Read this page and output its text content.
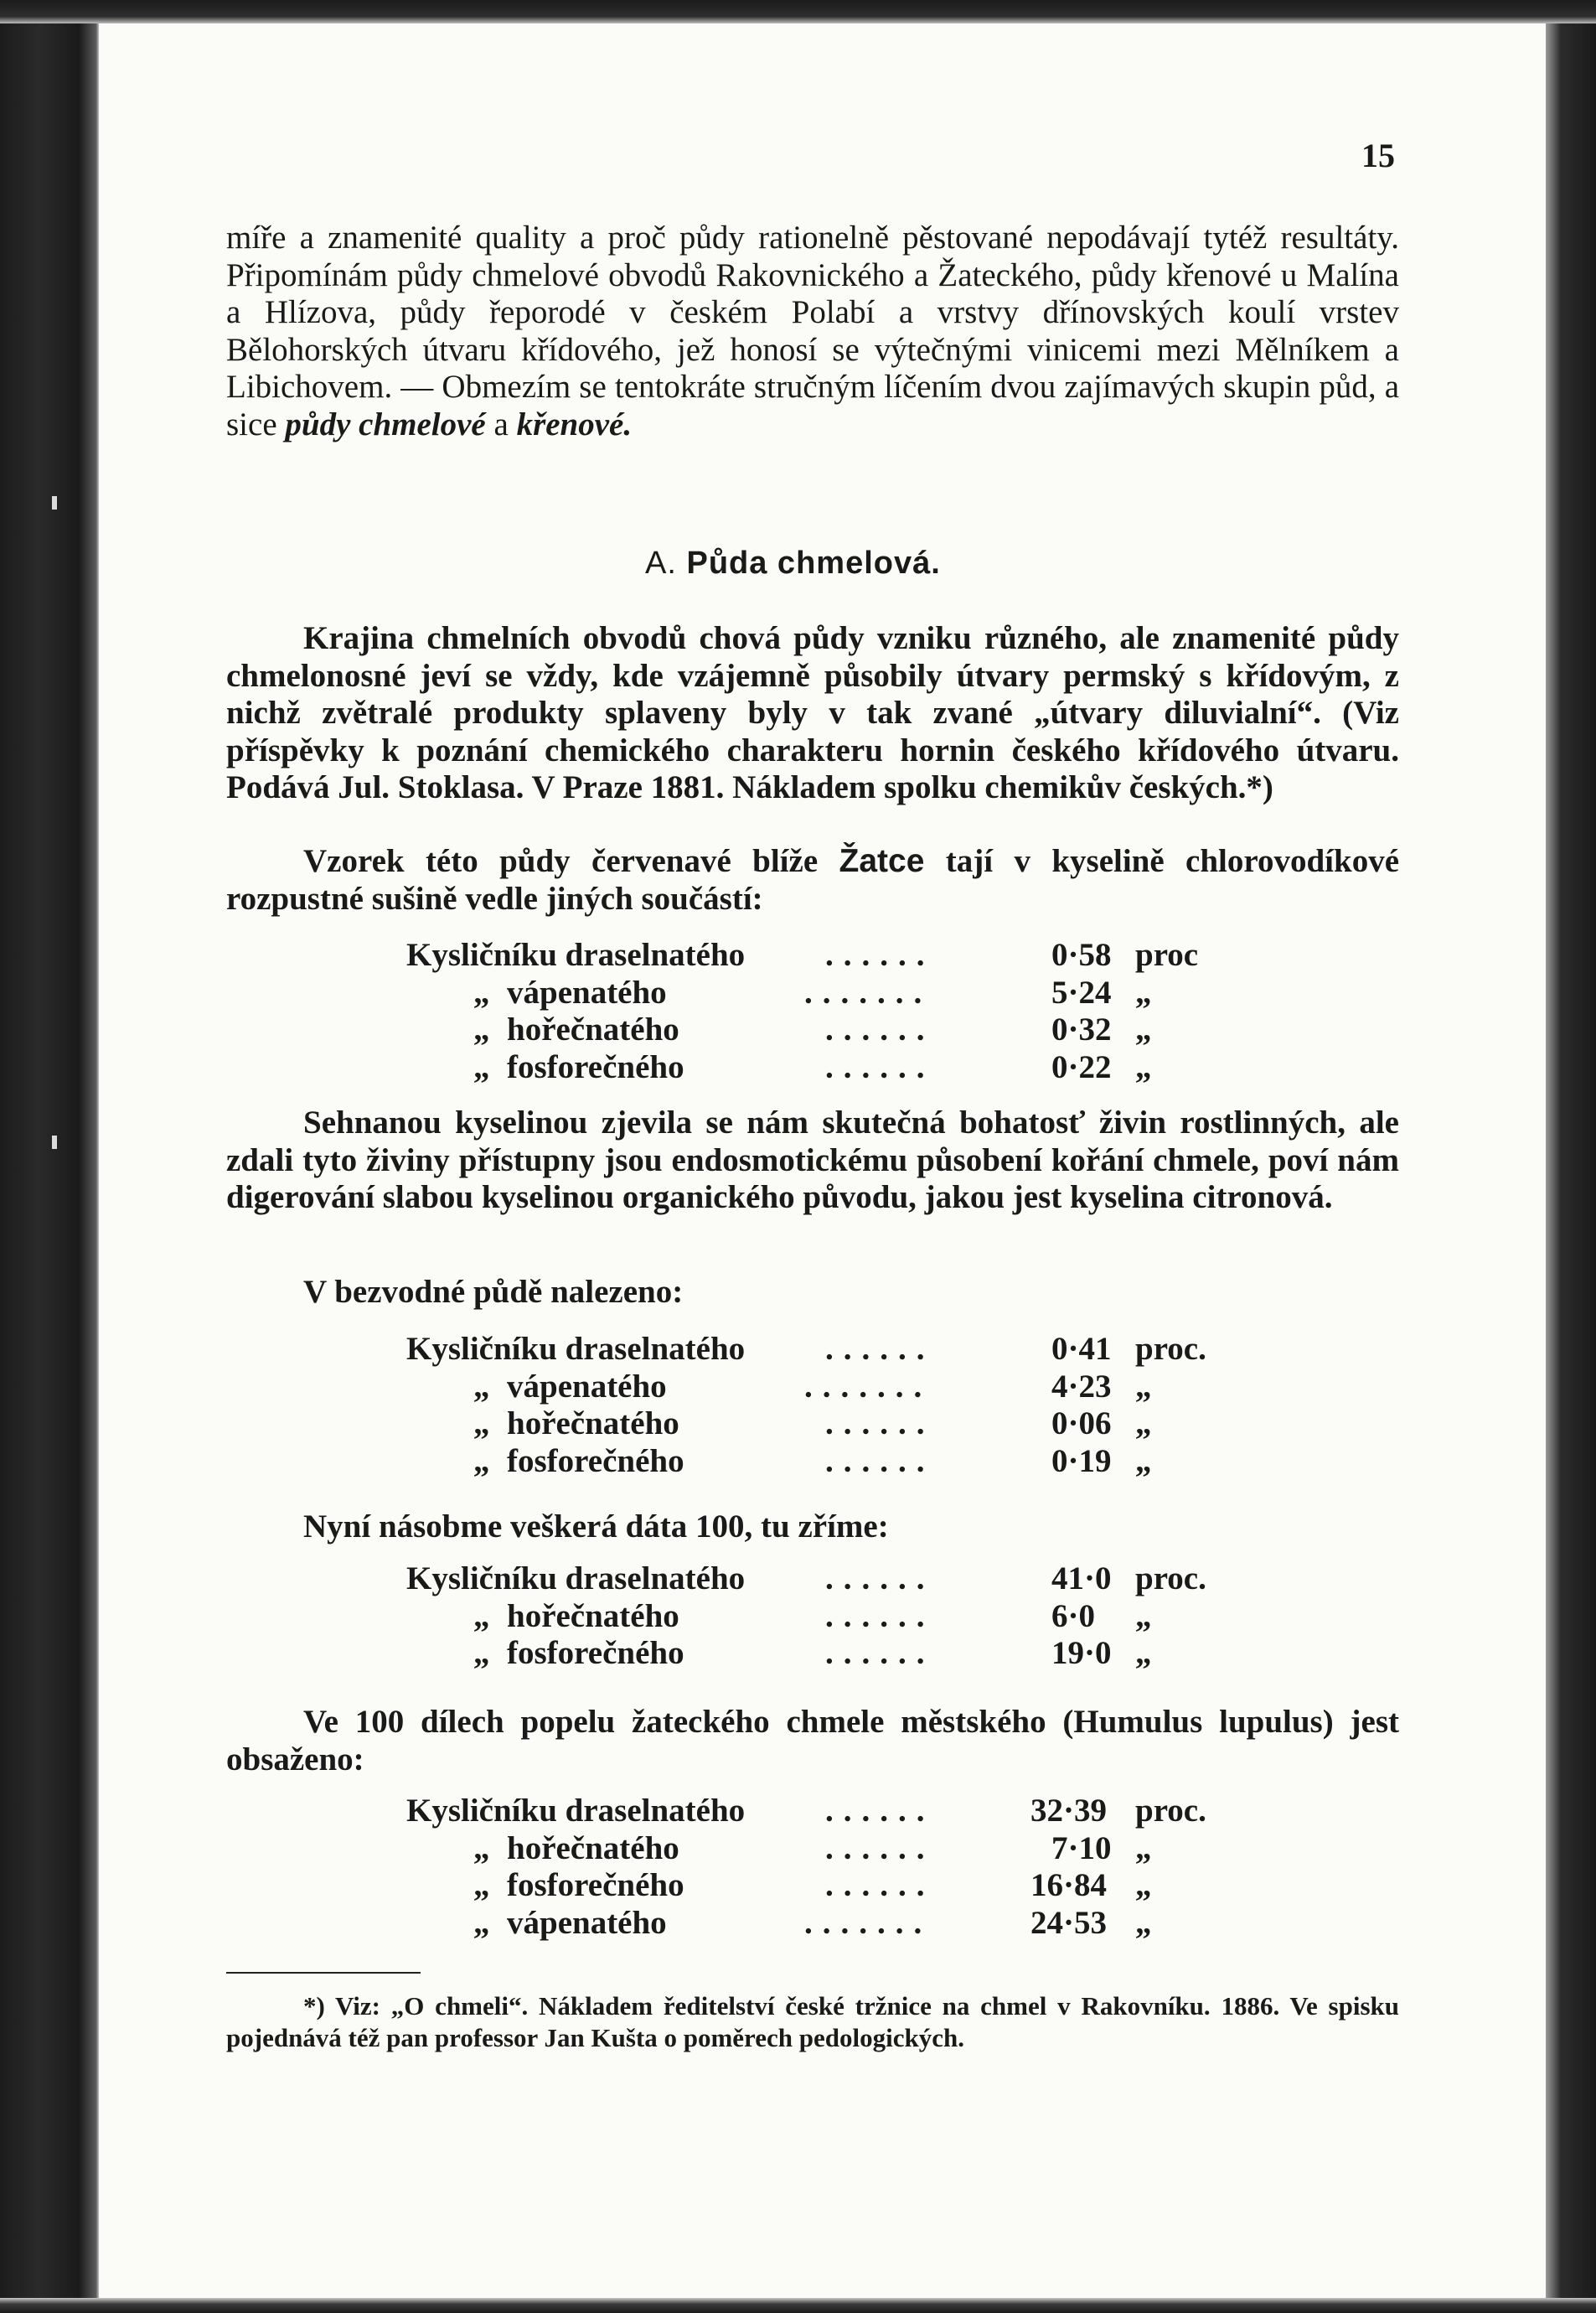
15

míře a znamenité quality a proč půdy rationelně pěstované nepodávají tytéž resultáty. Připomínám půdy chmelové obvodů Rakovnického a Žateckého, půdy křenové u Malína a Hlízova, půdy řeporodé v českém Polabí a vrstvy dřínovských koulí vrstev Bělohorských útvaru křídového, jež honosí se výtečnými vinicemi mezi Mělníkem a Libichovem. — Obmezím se tentokráte stručným líčením dvou zajímavých skupin půd, a sice půdy chmelové a křenové.

A. Půda chmelová.

Krajina chmelních obvodů chová půdy vzniku různého, ale znamenité půdy chmelonosné jeví se vždy, kde vzájemně působily útvary permský s křídovým, z nichž zvětralé produkty splaveny byly v tak zvané „útvary diluvialní“. (Viz příspěvky k poznání chemického charakteru hornin českého křídového útvaru. Podává Jul. Stoklasa. V Praze 1881. Nákladem spolku chemikův českých.*)

Vzorek této půdy červenavé blíže Žatce tají v kyselině chlorovodíkové rozpustné sušině vedle jiných součástí:

Kysličníku draselnatého ......	0·58 proc
„ vápenatého	.......	5·24 „
„ hořečnatého	......	0·32 „
„ fosforečného	......	0·22 „

Sehnanou kyselinou zjevila se nám skutečná bohatosť živin rostlinných, ale zdali tyto živiny přístupny jsou endosmotickému působení kořání chmele, poví nám digerování slabou kyselinou organického původu, jakou jest kyselina citronová.

V bezvodné půdě nalezeno:

Kysličníku draselnatého ......	0·41 proc.
„ vápenatého	.......	4·23 „
„ hořečnatého	......	0·06 „
„ fosforečného	......	0·19 „

Nyní násobme veškerá dáta 100, tu zříme:

Kysličníku draselnatého ......	41·0 proc.
„ hořečnatého	......	6·0 „
„ fosforečného	......	19·0 „

Ve 100 dílech popelu žateckého chmele městského (Humulus lupulus) jest obsaženo:

Kysličníku draselnatého ......	32·39 proc.
„ hořečnatého	......	7·10 „
„ fosforečného	......	16·84 „
„ vápenatého	.......	24·53 „

*) Viz: „O chmeli“. Nákladem ředitelství české tržnice na chmel v Rakovníku. 1886. Ve spisku pojednává též pan professor Jan Kušta o poměrech pedologických.
